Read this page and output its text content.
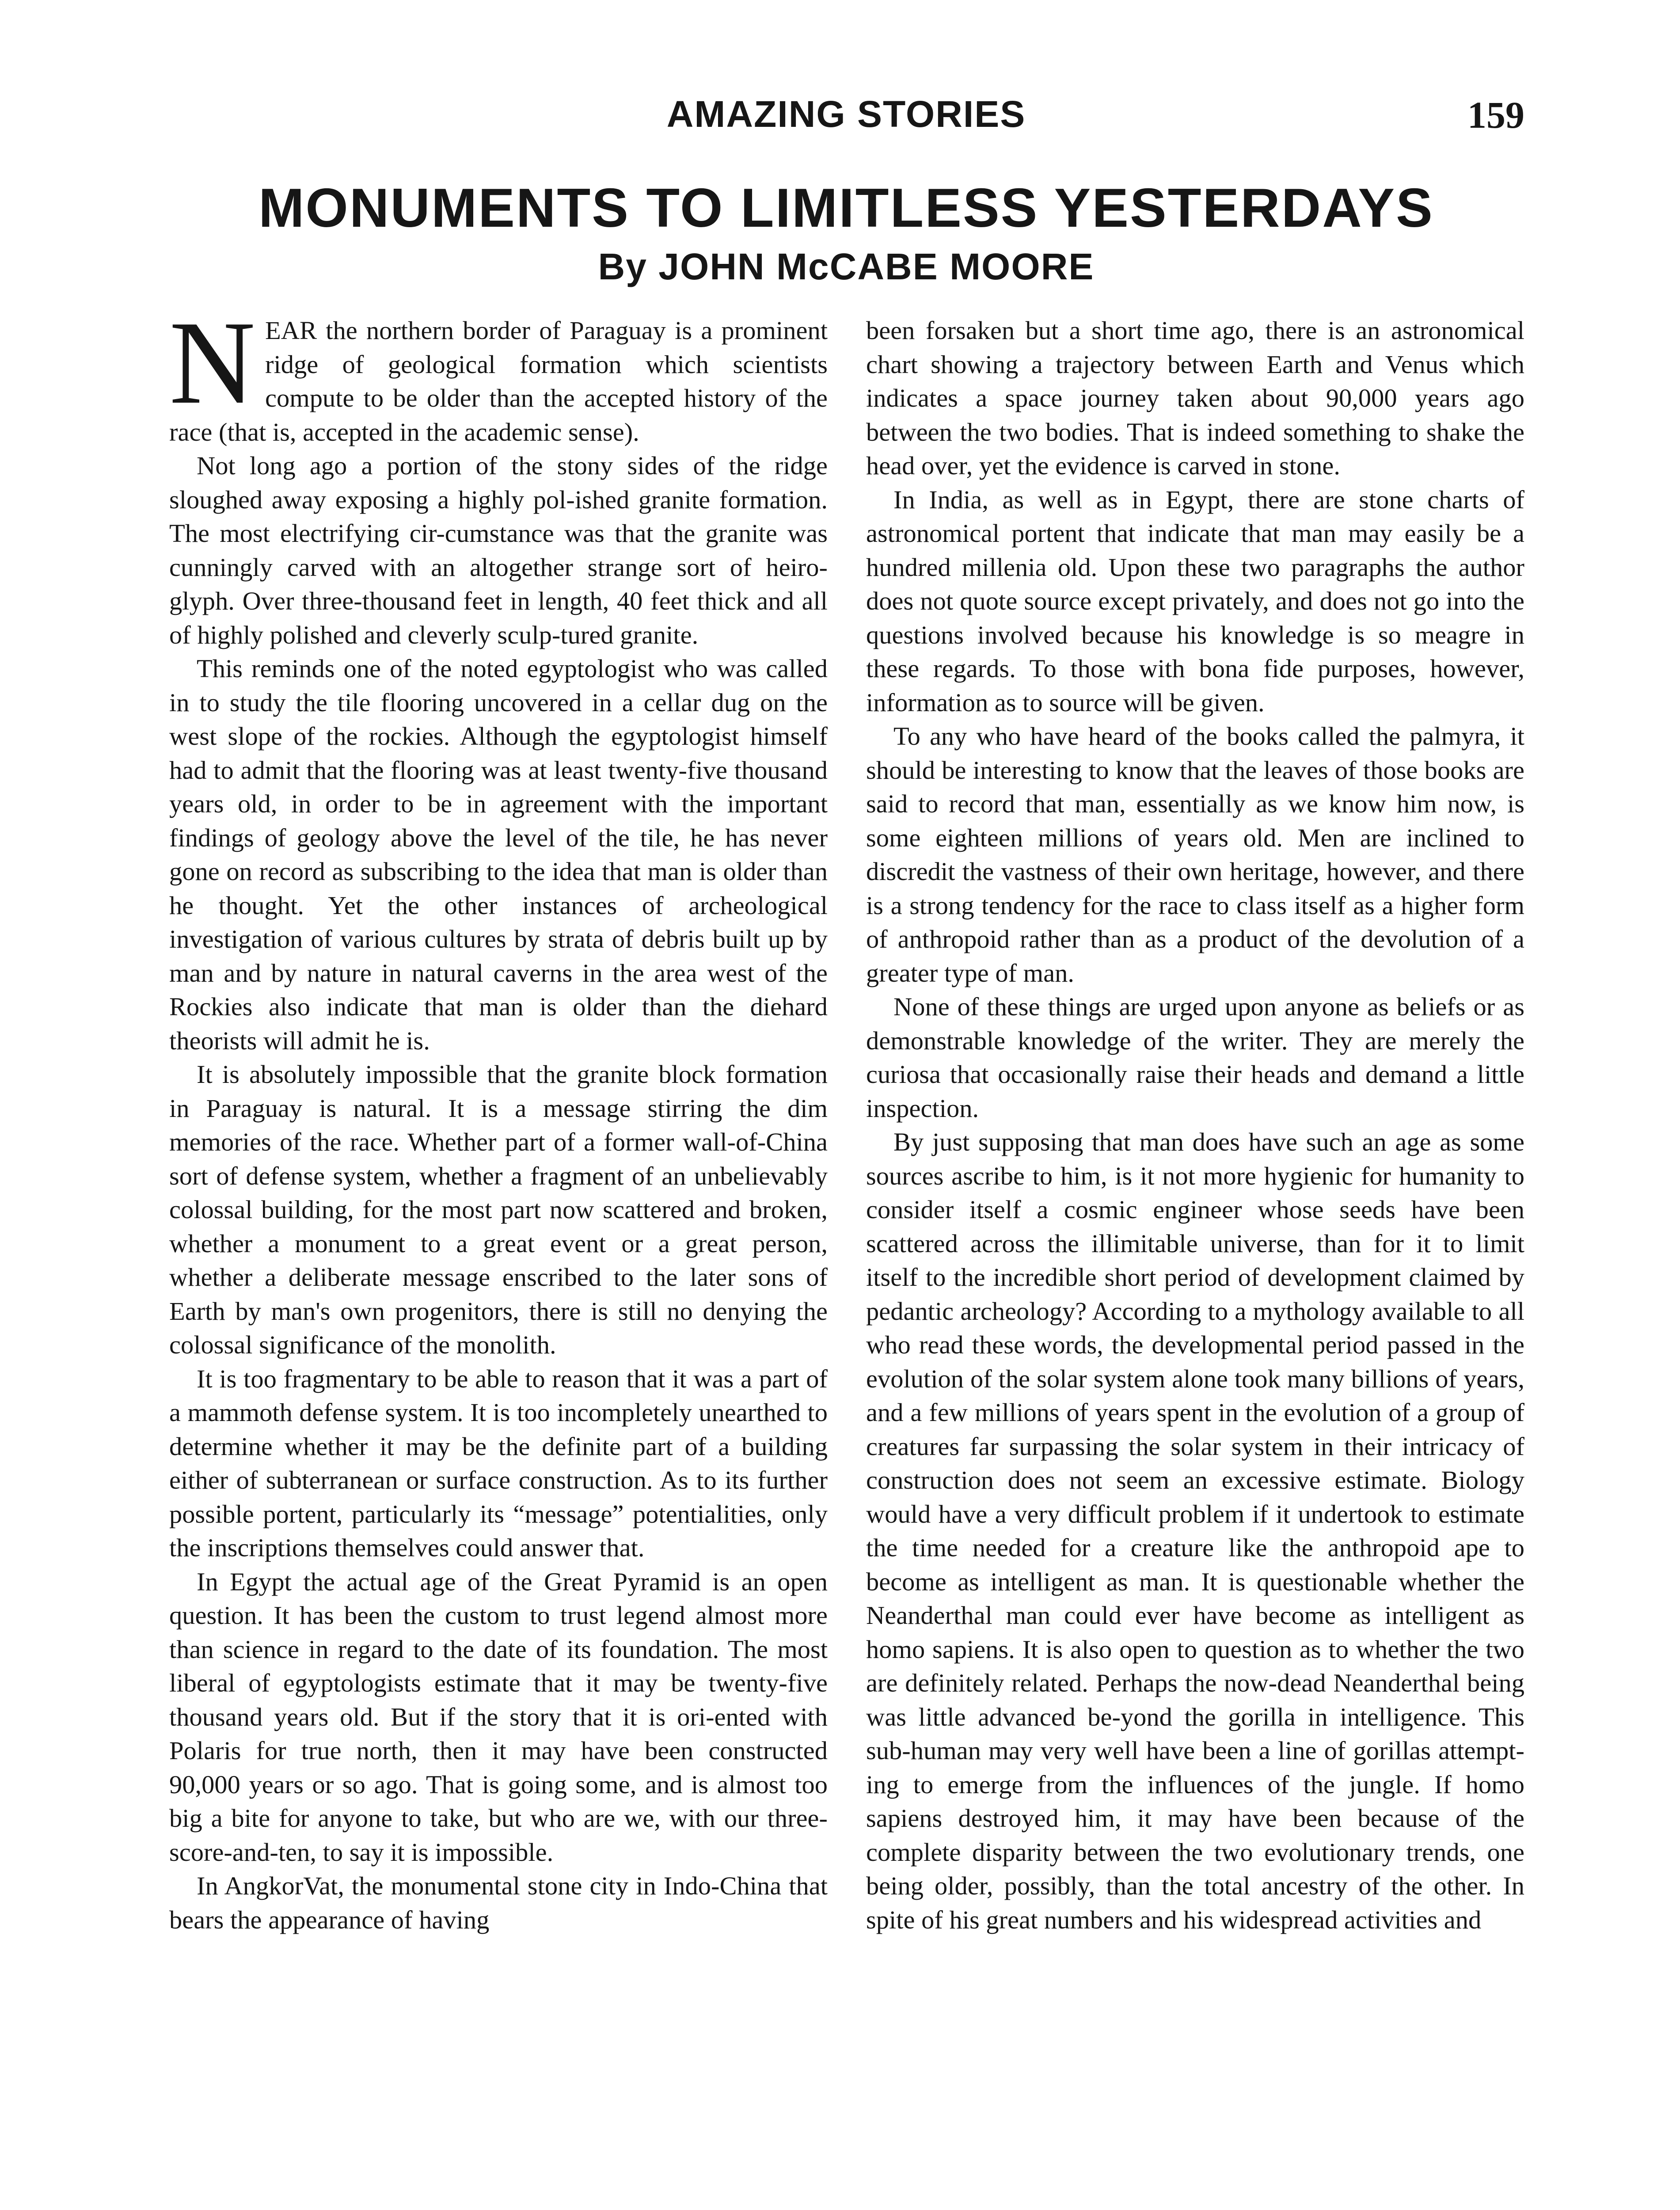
AMAZING STORIES	159
MONUMENTS TO LIMITLESS YESTERDAYS
By JOHN McCABE MOORE

NEAR the northern border of Paraguay is a prominent ridge of geological formation which scientists compute to be older than the accepted history of the race (that is, accepted in the academic sense).

Not long ago a portion of the stony sides of the ridge sloughed away exposing a highly pol-ished granite formation. The most electrifying cir-cumstance was that the granite was cunningly carved with an altogether strange sort of heiro-glyph. Over three-thousand feet in length, 40 feet thick and all of highly polished and cleverly sculp-tured granite.

This reminds one of the noted egyptologist who was called in to study the tile flooring uncovered in a cellar dug on the west slope of the rockies. Although the egyptologist himself had to admit that the flooring was at least twenty-five thousand years old, in order to be in agreement with the important findings of geology above the level of the tile, he has never gone on record as subscribing to the idea that man is older than he thought. Yet the other instances of archeological investigation of various cultures by strata of debris built up by man and by nature in natural caverns in the area west of the Rockies also indicate that man is older than the diehard theorists will admit he is.

It is absolutely impossible that the granite block formation in Paraguay is natural. It is a message stirring the dim memories of the race. Whether part of a former wall-of-China sort of defense system, whether a fragment of an unbelievably colossal building, for the most part now scattered and broken, whether a monument to a great event or a great person, whether a deliberate message enscribed to the later sons of Earth by man's own progenitors, there is still no denying the colossal significance of the monolith.

It is too fragmentary to be able to reason that it was a part of a mammoth defense system. It is too incompletely unearthed to determine whether it may be the definite part of a building either of subterranean or surface construction. As to its further possible portent, particularly its “message” potentialities, only the inscriptions themselves could answer that.

In Egypt the actual age of the Great Pyramid is an open question. It has been the custom to trust legend almost more than science in regard to the date of its foundation. The most liberal of egyptologists estimate that it may be twenty-five thousand years old. But if the story that it is ori-ented with Polaris for true north, then it may have been constructed 90,000 years or so ago. That is going some, and is almost too big a bite for anyone to take, but who are we, with our three-score-and-ten, to say it is impossible.

In AngkorVat, the monumental stone city in Indo-China that bears the appearance of having

been forsaken but a short time ago, there is an astronomical chart showing a trajectory between Earth and Venus which indicates a space journey taken about 90,000 years ago between the two bodies. That is indeed something to shake the head over, yet the evidence is carved in stone.

In India, as well as in Egypt, there are stone charts of astronomical portent that indicate that man may easily be a hundred millenia old. Upon these two paragraphs the author does not quote source except privately, and does not go into the questions involved because his knowledge is so meagre in these regards. To those with bona fide purposes, however, information as to source will be given.

To any who have heard of the books called the palmyra, it should be interesting to know that the leaves of those books are said to record that man, essentially as we know him now, is some eighteen millions of years old. Men are inclined to discredit the vastness of their own heritage, however, and there is a strong tendency for the race to class itself as a higher form of anthropoid rather than as a product of the devolution of a greater type of man.

None of these things are urged upon anyone as beliefs or as demonstrable knowledge of the writer. They are merely the curiosa that occasionally raise their heads and demand a little inspection.

By just supposing that man does have such an age as some sources ascribe to him, is it not more hygienic for humanity to consider itself a cosmic engineer whose seeds have been scattered across the illimitable universe, than for it to limit itself to the incredible short period of development claimed by pedantic archeology? According to a mythology available to all who read these words, the developmental period passed in the evolution of the solar system alone took many billions of years, and a few millions of years spent in the evolution of a group of creatures far surpassing the solar system in their intricacy of construction does not seem an excessive estimate. Biology would have a very difficult problem if it undertook to estimate the time needed for a creature like the anthropoid ape to become as intelligent as man. It is questionable whether the Neanderthal man could ever have become as intelligent as homo sapiens. It is also open to question as to whether the two are definitely related. Perhaps the now-dead Neanderthal being was little advanced be-yond the gorilla in intelligence. This sub-human may very well have been a line of gorillas attempt-ing to emerge from the influences of the jungle. If homo sapiens destroyed him, it may have been because of the complete disparity between the two evolutionary trends, one being older, possibly, than the total ancestry of the other. In spite of his great numbers and his widespread activities and
